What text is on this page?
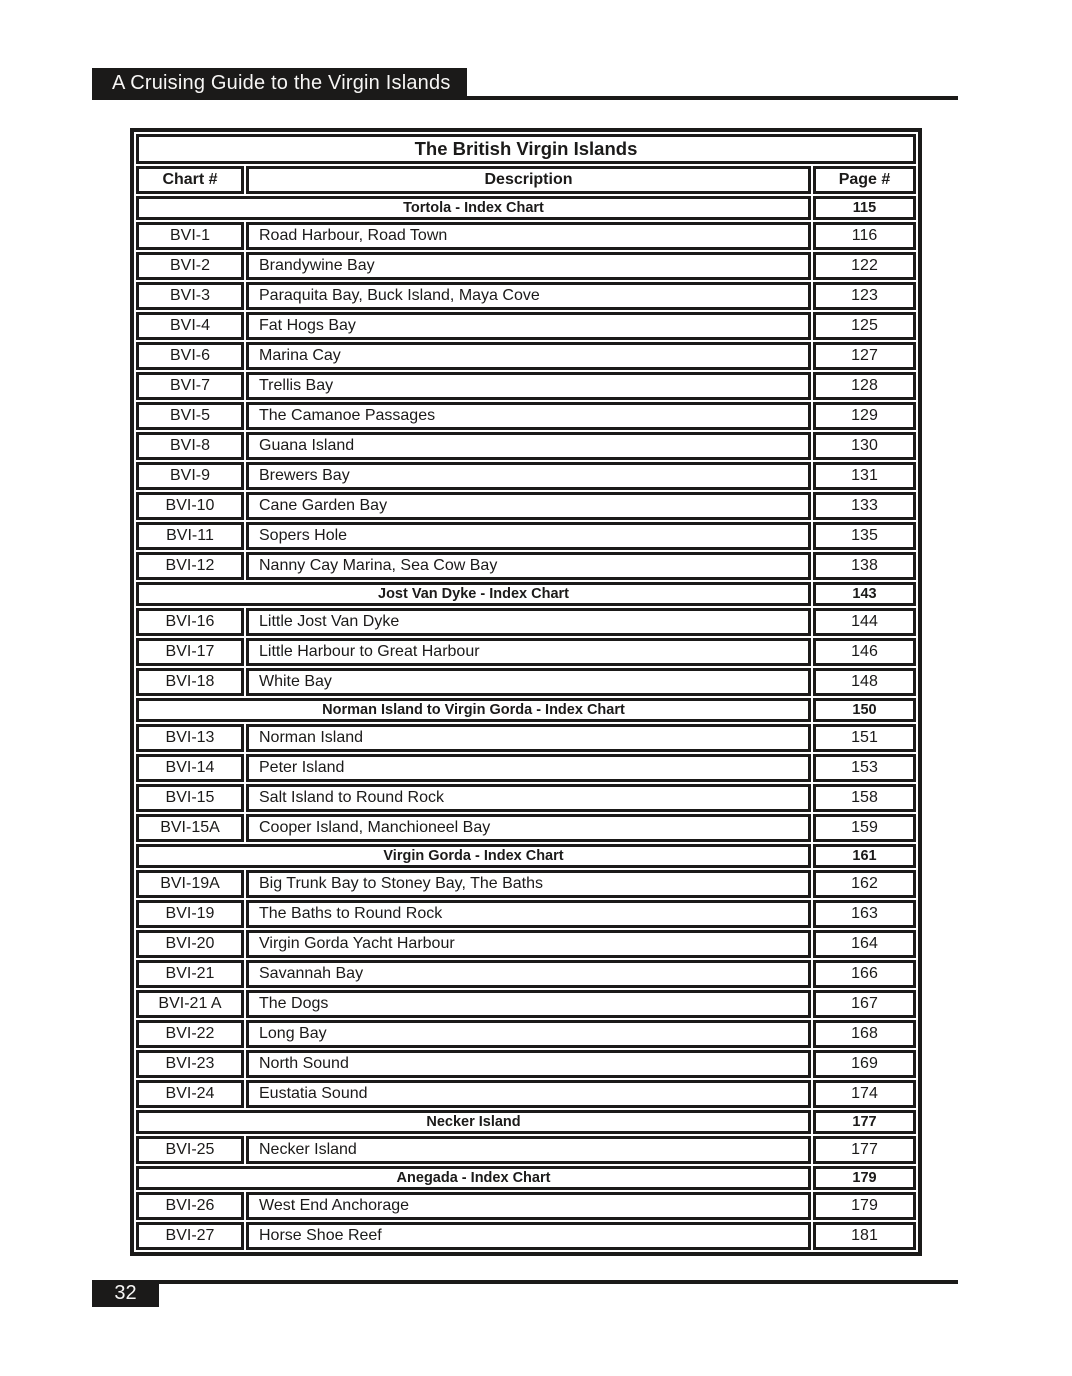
A Cruising Guide to the Virgin Islands
The British Virgin Islands
Chart #	Description	Page #
Tortola - Index Chart	115
BVI-1	Road Harbour, Road Town	116
BVI-2	Brandywine Bay	122
BVI-3	Paraquita Bay, Buck Island, Maya Cove	123
BVI-4	Fat Hogs Bay	125
BVI-6	Marina Cay	127
BVI-7	Trellis Bay	128
BVI-5	The Camanoe Passages	129
BVI-8	Guana Island	130
BVI-9	Brewers Bay	131
BVI-10	Cane Garden Bay	133
BVI-11	Sopers Hole	135
BVI-12	Nanny Cay Marina, Sea Cow Bay	138
Jost Van Dyke - Index Chart	143
BVI-16	Little Jost Van Dyke	144
BVI-17	Little Harbour to Great Harbour	146
BVI-18	White Bay	148
Norman Island to Virgin Gorda - Index Chart	150
BVI-13	Norman Island	151
BVI-14	Peter Island	153
BVI-15	Salt Island to Round Rock	158
BVI-15A	Cooper Island, Manchioneel Bay	159
Virgin Gorda - Index Chart	161
BVI-19A	Big Trunk Bay to Stoney Bay, The Baths	162
BVI-19	The Baths to Round Rock	163
BVI-20	Virgin Gorda Yacht Harbour	164
BVI-21	Savannah Bay	166
BVI-21 A	The Dogs	167
BVI-22	Long Bay	168
BVI-23	North Sound	169
BVI-24	Eustatia Sound	174
Necker Island	177
BVI-25	Necker Island	177
Anegada - Index Chart	179
BVI-26	West End Anchorage	179
BVI-27	Horse Shoe Reef	181
32
